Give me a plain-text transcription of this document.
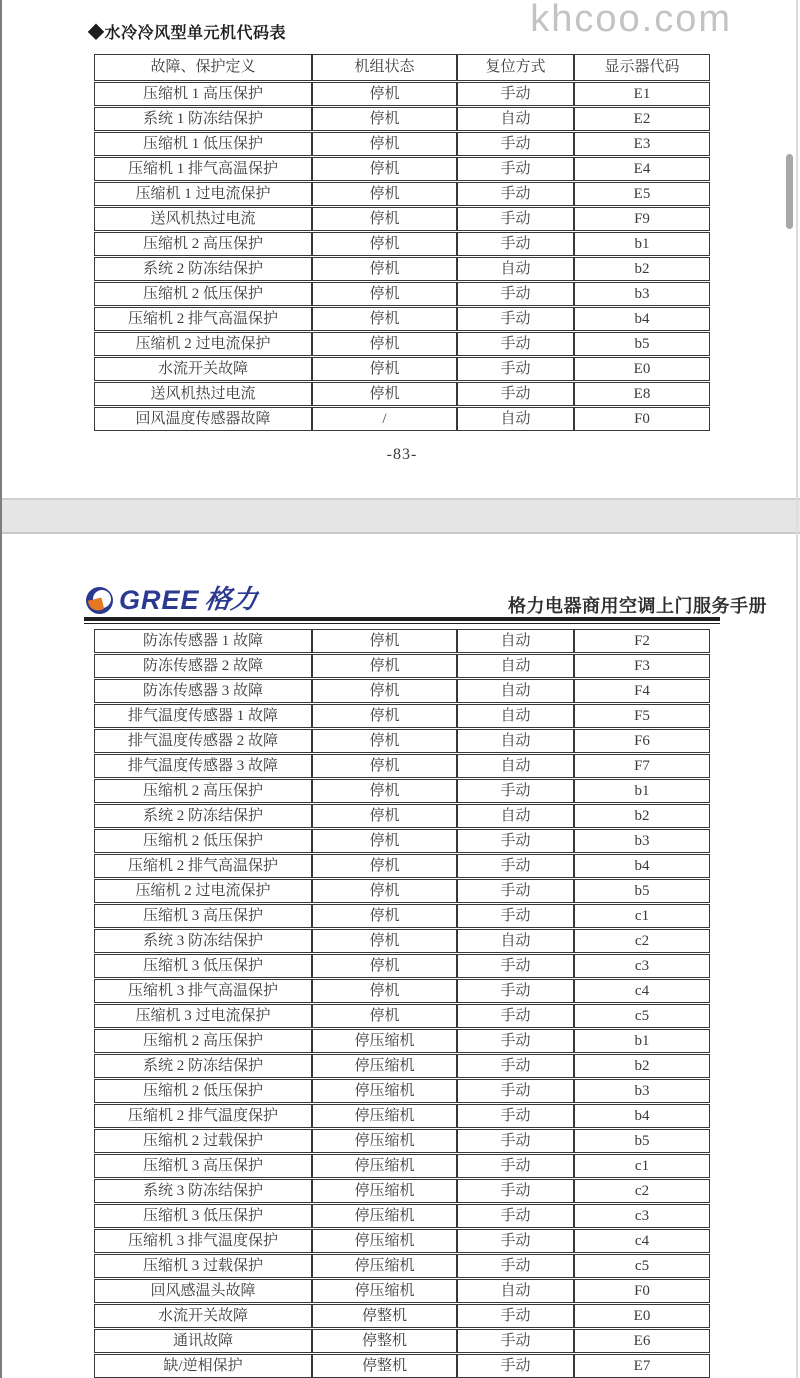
◆水冷冷风型单元机代码表	khcoo.com
故障、保护定义	机组状态	复位方式	显示器代码
压缩机 1 高压保护	停机	手动	E1
系统 1 防冻结保护	停机	自动	E2
压缩机 1 低压保护	停机	手动	E3
压缩机 1 排气高温保护	停机	手动	E4
压缩机 1 过电流保护	停机	手动	E5
送风机热过电流	停机	手动	F9
压缩机 2 高压保护	停机	手动	b1
系统 2 防冻结保护	停机	自动	b2
压缩机 2 低压保护	停机	手动	b3
压缩机 2 排气高温保护	停机	手动	b4
压缩机 2 过电流保护	停机	手动	b5
水流开关故障	停机	手动	E0
送风机热过电流	停机	手动	E8
回风温度传感器故障	/	自动	F0
-83-
GREE 格力	格力电器商用空调上门服务手册
防冻传感器 1 故障	停机	自动	F2
防冻传感器 2 故障	停机	自动	F3
防冻传感器 3 故障	停机	自动	F4
排气温度传感器 1 故障	停机	自动	F5
排气温度传感器 2 故障	停机	自动	F6
排气温度传感器 3 故障	停机	自动	F7
压缩机 2 高压保护	停机	手动	b1
系统 2 防冻结保护	停机	自动	b2
压缩机 2 低压保护	停机	手动	b3
压缩机 2 排气高温保护	停机	手动	b4
压缩机 2 过电流保护	停机	手动	b5
压缩机 3 高压保护	停机	手动	c1
系统 3 防冻结保护	停机	自动	c2
压缩机 3 低压保护	停机	手动	c3
压缩机 3 排气高温保护	停机	手动	c4
压缩机 3 过电流保护	停机	手动	c5
压缩机 2 高压保护	停压缩机	手动	b1
系统 2 防冻结保护	停压缩机	手动	b2
压缩机 2 低压保护	停压缩机	手动	b3
压缩机 2 排气温度保护	停压缩机	手动	b4
压缩机 2 过载保护	停压缩机	手动	b5
压缩机 3 高压保护	停压缩机	手动	c1
系统 3 防冻结保护	停压缩机	手动	c2
压缩机 3 低压保护	停压缩机	手动	c3
压缩机 3 排气温度保护	停压缩机	手动	c4
压缩机 3 过载保护	停压缩机	手动	c5
回风感温头故障	停压缩机	自动	F0
水流开关故障	停整机	手动	E0
通讯故障	停整机	手动	E6
缺/逆相保护	停整机	手动	E7
